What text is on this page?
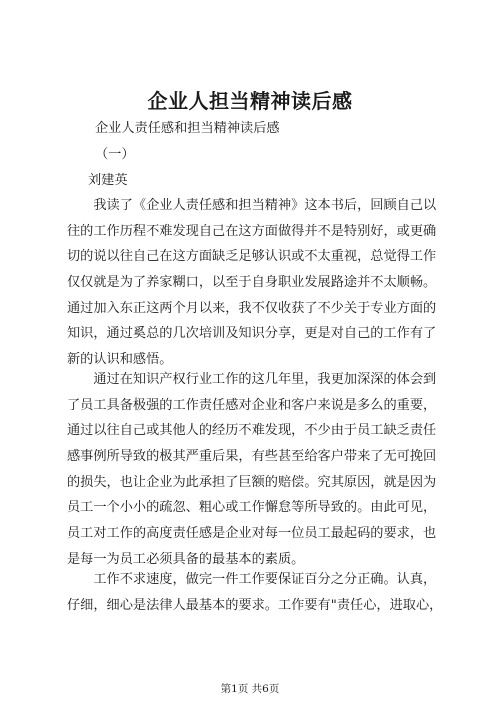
企业人担当精神读后感
企业人责任感和担当精神读后感
（一）
刘建英
　　我读了《企业人责任感和担当精神》这本书后，回顾自己以
往的工作历程不难发现自己在这方面做得并不是特别好，或更确
切的说以往自己在这方面缺乏足够认识或不太重视，总觉得工作
仅仅就是为了养家糊口，以至于自身职业发展路途并不太顺畅。
通过加入东正这两个月以来，我不仅收获了不少关于专业方面的
知识，通过奚总的几次培训及知识分享，更是对自己的工作有了
新的认识和感悟。
　　通过在知识产权行业工作的这几年里，我更加深深的体会到
了员工具备极强的工作责任感对企业和客户来说是多么的重要，
通过以往自己或其他人的经历不难发现，不少由于员工缺乏责任
感事例所导致的极其严重后果，有些甚至给客户带来了无可挽回
的损失，也让企业为此承担了巨额的赔偿。究其原因，就是因为
员工一个小小的疏忽、粗心或工作懈怠等所导致的。由此可见，
员工对工作的高度责任感是企业对每一位员工最起码的要求，也
是每一为员工必须具备的最基本的素质。
　　工作不求速度，做完一件工作要保证百分之分正确。认真，
仔细，细心是法律人最基本的要求。工作要有"责任心，进取心，
第1页 共6页
